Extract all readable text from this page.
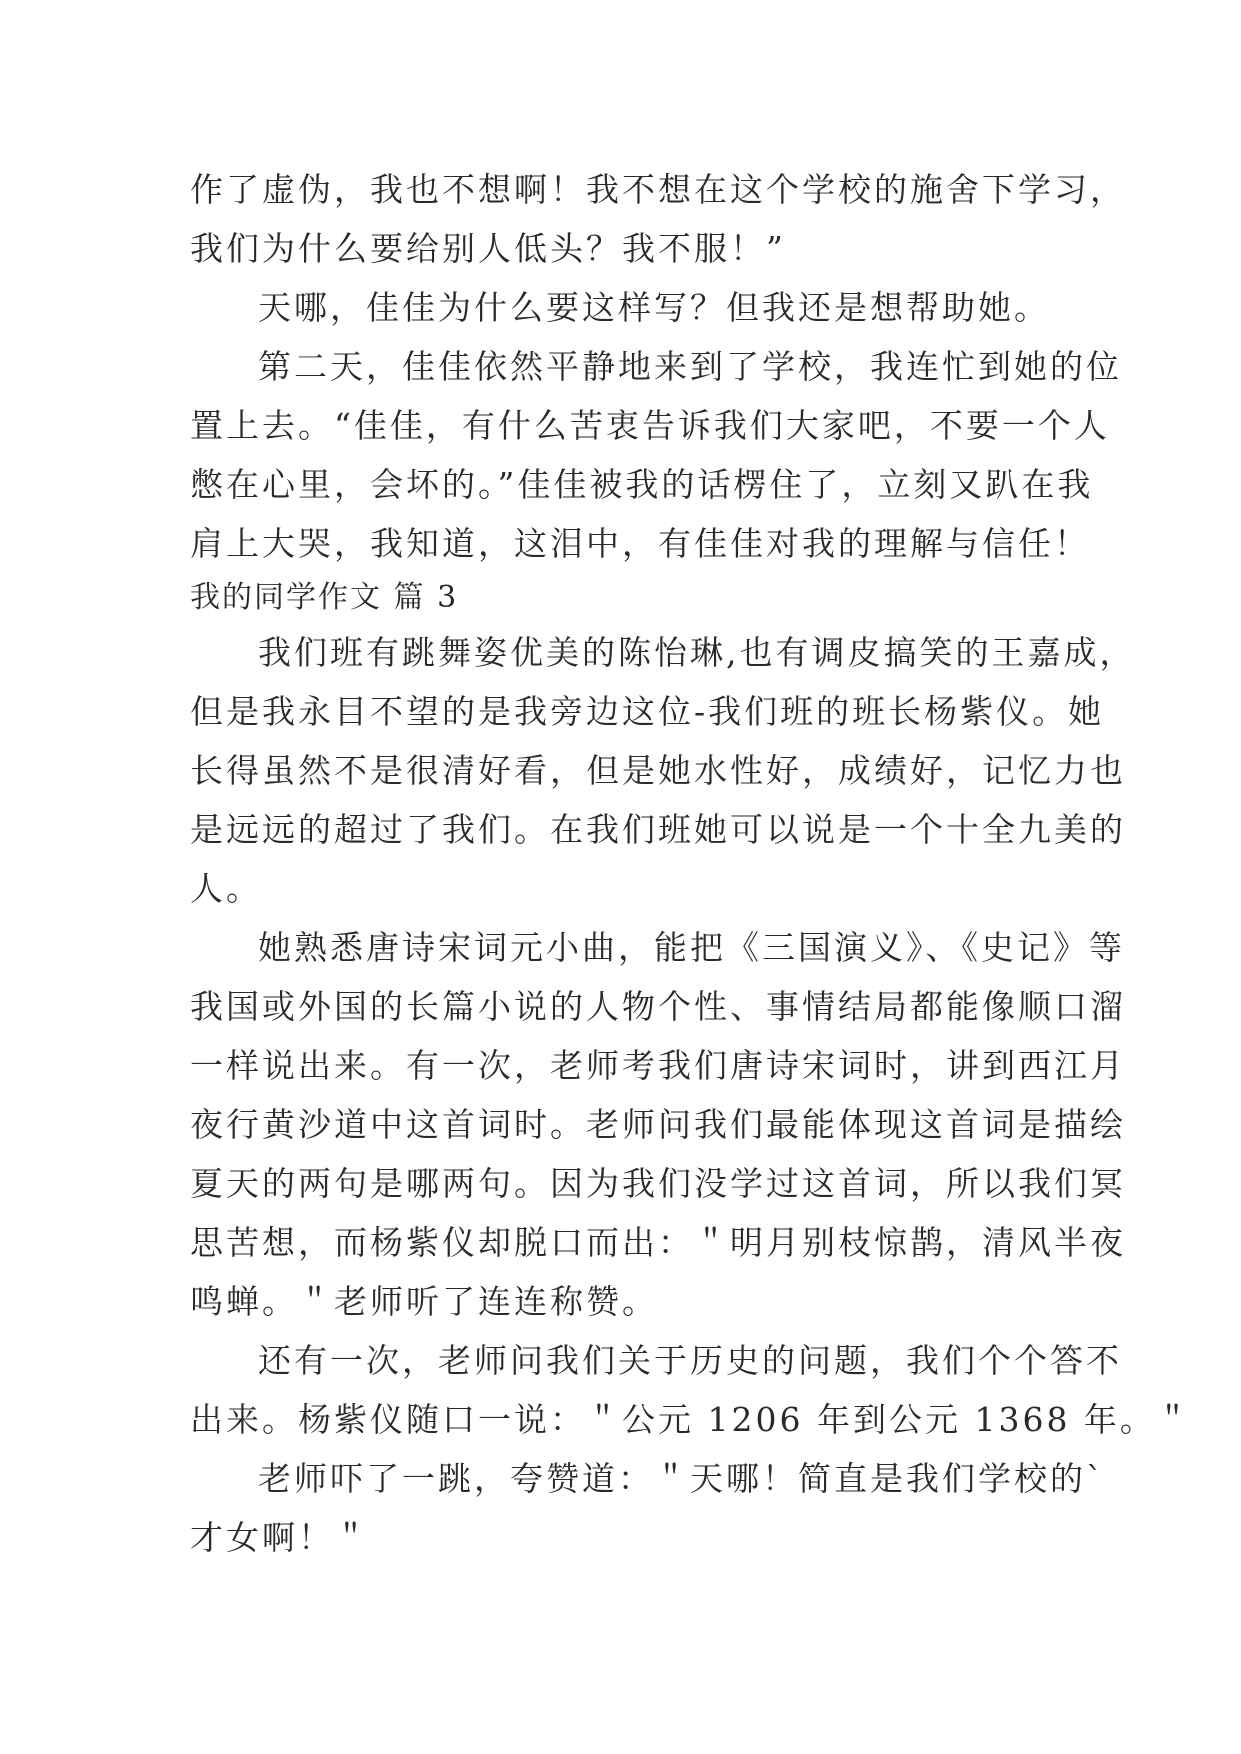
作了虚伪，我也不想啊！我不想在这个学校的施舍下学习，
我们为什么要给别人低头？我不服！”
天哪，佳佳为什么要这样写？但我还是想帮助她。
第二天，佳佳依然平静地来到了学校，我连忙到她的位
置上去。“佳佳，有什么苦衷告诉我们大家吧，不要一个人
憋在心里，会坏的。”佳佳被我的话楞住了，立刻又趴在我
肩上大哭，我知道，这泪中，有佳佳对我的理解与信任！
我的同学作文 篇 3
我们班有跳舞姿优美的陈怡琳,也有调皮搞笑的王嘉成，
但是我永目不望的是我旁边这位-我们班的班长杨紫仪。她
长得虽然不是很清好看，但是她水性好，成绩好，记忆力也
是远远的超过了我们。在我们班她可以说是一个十全九美的
人。
她熟悉唐诗宋词元小曲，能把《三国演义》、《史记》等
我国或外国的长篇小说的人物个性、事情结局都能像顺口溜
一样说出来。有一次，老师考我们唐诗宋词时，讲到西江月
夜行黄沙道中这首词时。老师问我们最能体现这首词是描绘
夏天的两句是哪两句。因为我们没学过这首词，所以我们冥
思苦想，而杨紫仪却脱口而出：＂明月别枝惊鹊，清风半夜
鸣蝉。＂老师听了连连称赞。
还有一次，老师问我们关于历史的问题，我们个个答不
出来。杨紫仪随口一说：＂公元 1206 年到公元 1368 年。＂
老师吓了一跳，夸赞道：＂天哪！简直是我们学校的`
才女啊！＂
